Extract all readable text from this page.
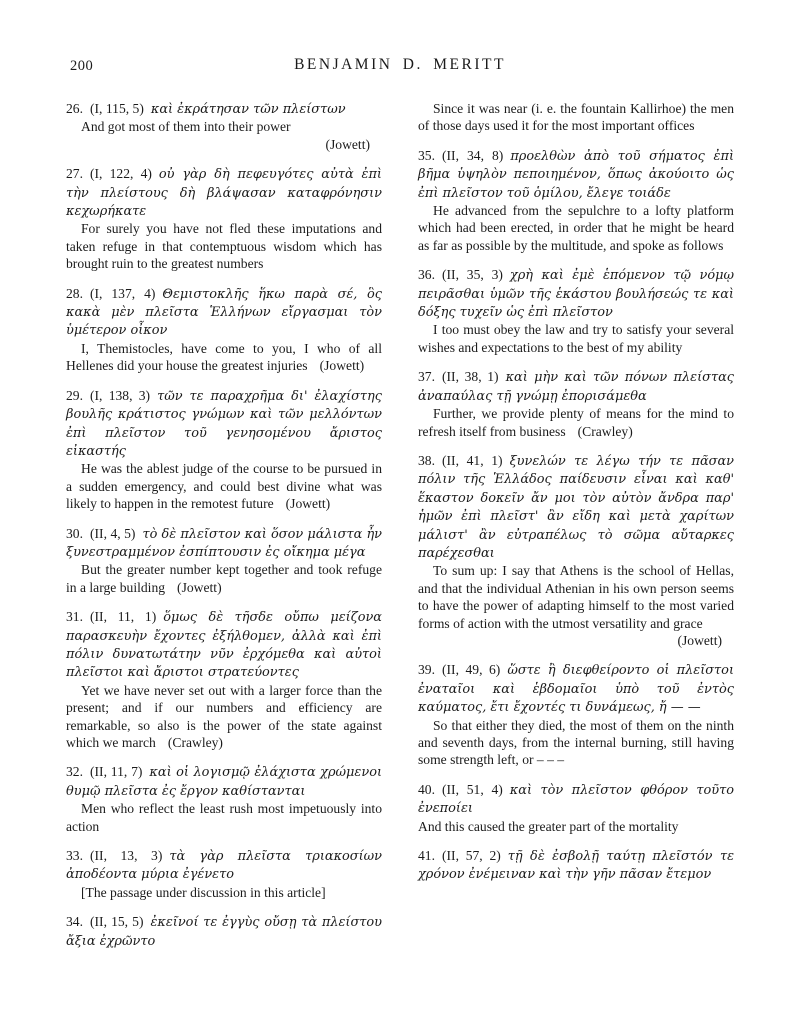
200	BENJAMIN D. MERITT

26. (I, 115, 5) καὶ ἐκράτησαν τῶν πλείστων

And got most of them into their power

(Jowett)

27. (I, 122, 4) οὐ γὰρ δὴ πεφευγότες αὐτὰ ἐπὶ τὴν πλείστους δὴ βλάψασαν καταφρόνησιν κεχωρήκατε

For surely you have not fled these imputations and taken refuge in that contemptuous wisdom which has brought ruin to the greatest numbers

28. (I, 137, 4) Θεμιστοκλῆς ἥκω παρὰ σέ, ὃς κακὰ μὲν πλεῖστα Ἑλλήνων εἴργασμαι τὸν ὑμέτερον οἶκον

I, Themistocles, have come to you, I who of all Hellenes did your house the greatest injuries (Jowett)

29. (I, 138, 3) τῶν τε παραχρῆμα δι' ἐλαχίστης βουλῆς κράτιστος γνώμων καὶ τῶν μελλόντων ἐπὶ πλεῖστον τοῦ γενησομένου ἄριστος εἰκαστής

He was the ablest judge of the course to be pursued in a sudden emergency, and could best divine what was likely to happen in the remotest future (Jowett)

30. (II, 4, 5) τὸ δὲ πλεῖστον καὶ ὅσον μάλιστα ἦν ξυνεστραμμένον ἐσπίπτουσιν ἐς οἴκημα μέγα

But the greater number kept together and took refuge in a large building (Jowett)

31. (II, 11, 1) ὅμως δὲ τῆσδε οὔπω μείζονα παρασκευὴν ἔχοντες ἐξήλθομεν, ἀλλὰ καὶ ἐπὶ πόλιν δυνατωτάτην νῦν ἐρχόμεθα καὶ αὐτοὶ πλεῖστοι καὶ ἄριστοι στρατεύοντες

Yet we have never set out with a larger force than the present; and if our numbers and efficiency are remarkable, so also is the power of the state against which we march (Crawley)

32. (II, 11, 7) καὶ οἱ λογισμῷ ἐλάχιστα χρώμενοι θυμῷ πλεῖστα ἐς ἔργον καθίστανται

Men who reflect the least rush most impetuously into action

33. (II, 13, 3) τὰ γὰρ πλεῖστα τριακοσίων ἀποδέοντα μύρια ἐγένετο

[The passage under discussion in this article]

34. (II, 15, 5) ἐκεῖνοί τε ἐγγὺς οὔσῃ τὰ πλείστου ἄξια ἐχρῶντο

Since it was near (i. e. the fountain Kallirhoe) the men of those days used it for the most important offices

35. (II, 34, 8) προελθὼν ἀπὸ τοῦ σήματος ἐπὶ βῆμα ὑψηλὸν πεποιημένον, ὅπως ἀκούοιτο ὡς ἐπὶ πλεῖστον τοῦ ὁμίλου, ἔλεγε τοιάδε

He advanced from the sepulchre to a lofty platform which had been erected, in order that he might be heard as far as possible by the multitude, and spoke as follows

36. (II, 35, 3) χρὴ καὶ ἐμὲ ἑπόμενον τῷ νόμῳ πειρᾶσθαι ὑμῶν τῆς ἑκάστου βουλήσεώς τε καὶ δόξης τυχεῖν ὡς ἐπὶ πλεῖστον

I too must obey the law and try to satisfy your several wishes and expectations to the best of my ability

37. (II, 38, 1) καὶ μὴν καὶ τῶν πόνων πλείστας ἀναπαύλας τῇ γνώμῃ ἐπορισάμεθα

Further, we provide plenty of means for the mind to refresh itself from business (Crawley)

38. (II, 41, 1) ξυνελών τε λέγω τήν τε πᾶσαν πόλιν τῆς Ἑλλάδος παίδευσιν εἶναι καὶ καθ' ἕκαστον δοκεῖν ἄν μοι τὸν αὐτὸν ἄνδρα παρ' ἡμῶν ἐπὶ πλεῖστ' ἂν εἴδη καὶ μετὰ χαρίτων μάλιστ' ἂν εὐτραπέλως τὸ σῶμα αὔταρκες παρέχεσθαι

To sum up: I say that Athens is the school of Hellas, and that the individual Athenian in his own person seems to have the power of adapting himself to the most varied forms of action with the utmost versatility and grace

(Jowett)

39. (II, 49, 6) ὥστε ἢ διεφθείροντο οἱ πλεῖστοι ἐναταῖοι καὶ ἑβδομαῖοι ὑπὸ τοῦ ἐντὸς καύματος, ἔτι ἔχοντές τι δυνάμεως, ἤ — —

So that either they died, the most of them on the ninth and seventh days, from the internal burning, still having some strength left, or – – –

40. (II, 51, 4) καὶ τὸν πλεῖστον φθόρον τοῦτο ἐνεποίει

And this caused the greater part of the mortality

41. (II, 57, 2) τῇ δὲ ἐσβολῇ ταύτῃ πλεῖστόν τε χρόνον ἐνέμειναν καὶ τὴν γῆν πᾶσαν ἔτεμον
